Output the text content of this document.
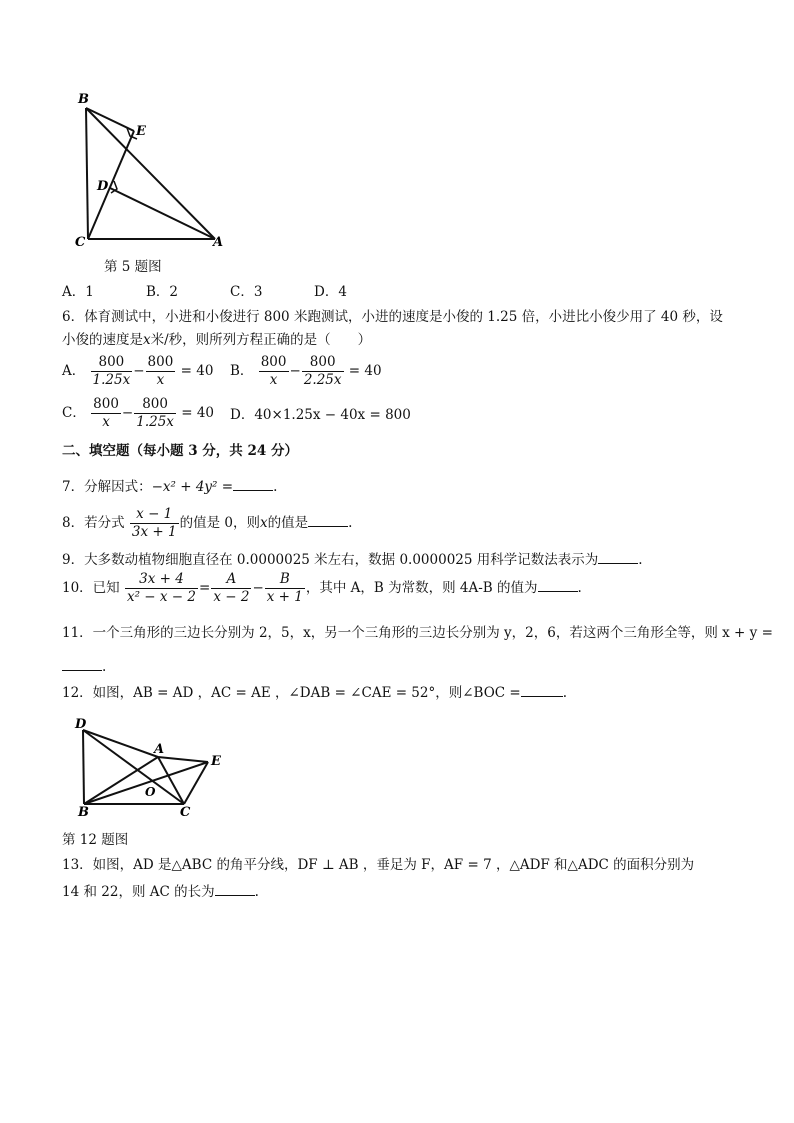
B
E
D
C	A
第 5 题图
A．1	B．2	C．3	D．4
6．体育测试中，小进和小俊进行 800 米跑测试，小进的速度是小俊的 1.25 倍，小进比小俊少用了 40 秒，设
小俊的速度是x米/秒，则所列方程正确的是（　　）
A． $\frac{800}{1.25x} - \frac{800}{x} = 40$ B． $\frac{800}{x} - \frac{800}{2.25x} = 40$
C． $\frac{800}{x} - \frac{800}{1.25x} = 40$ D．40×1.25x − 40x = 800
二、填空题（每小题 3 分，共 24 分）
7．分解因式：−x² + 4y² =	.
8．若分式 $\frac{x - 1}{3x + 1}$ 的值是 0，则x的值是	.
9．大多数动植物细胞直径在 0.0000025 米左右，数据 0.0000025 用科学记数法表示为	.
10．已知 $\frac{3x + 4}{\text{x² − x − 2}} = \frac{A}{x - 2} - \frac{B}{x + 1}$ ，其中 A，B 为常数，则 4A-B 的值为	.
11．一个三角形的三边长分别为 2，5，x，另一个三角形的三边长分别为 y，2，6，若这两个三角形全等，则 x + y =
.
12．如图，AB = AD ，AC = AE ，∠DAB = ∠CAE = 52°，则∠BOC =	.
D
A
E
O
B	C
第 12 题图
13．如图，AD 是△ABC 的角平分线，DF ⊥ AB ，垂足为 F，AF = 7 ，△ADF 和△ADC 的面积分别为
14 和 22，则 AC 的长为	.
